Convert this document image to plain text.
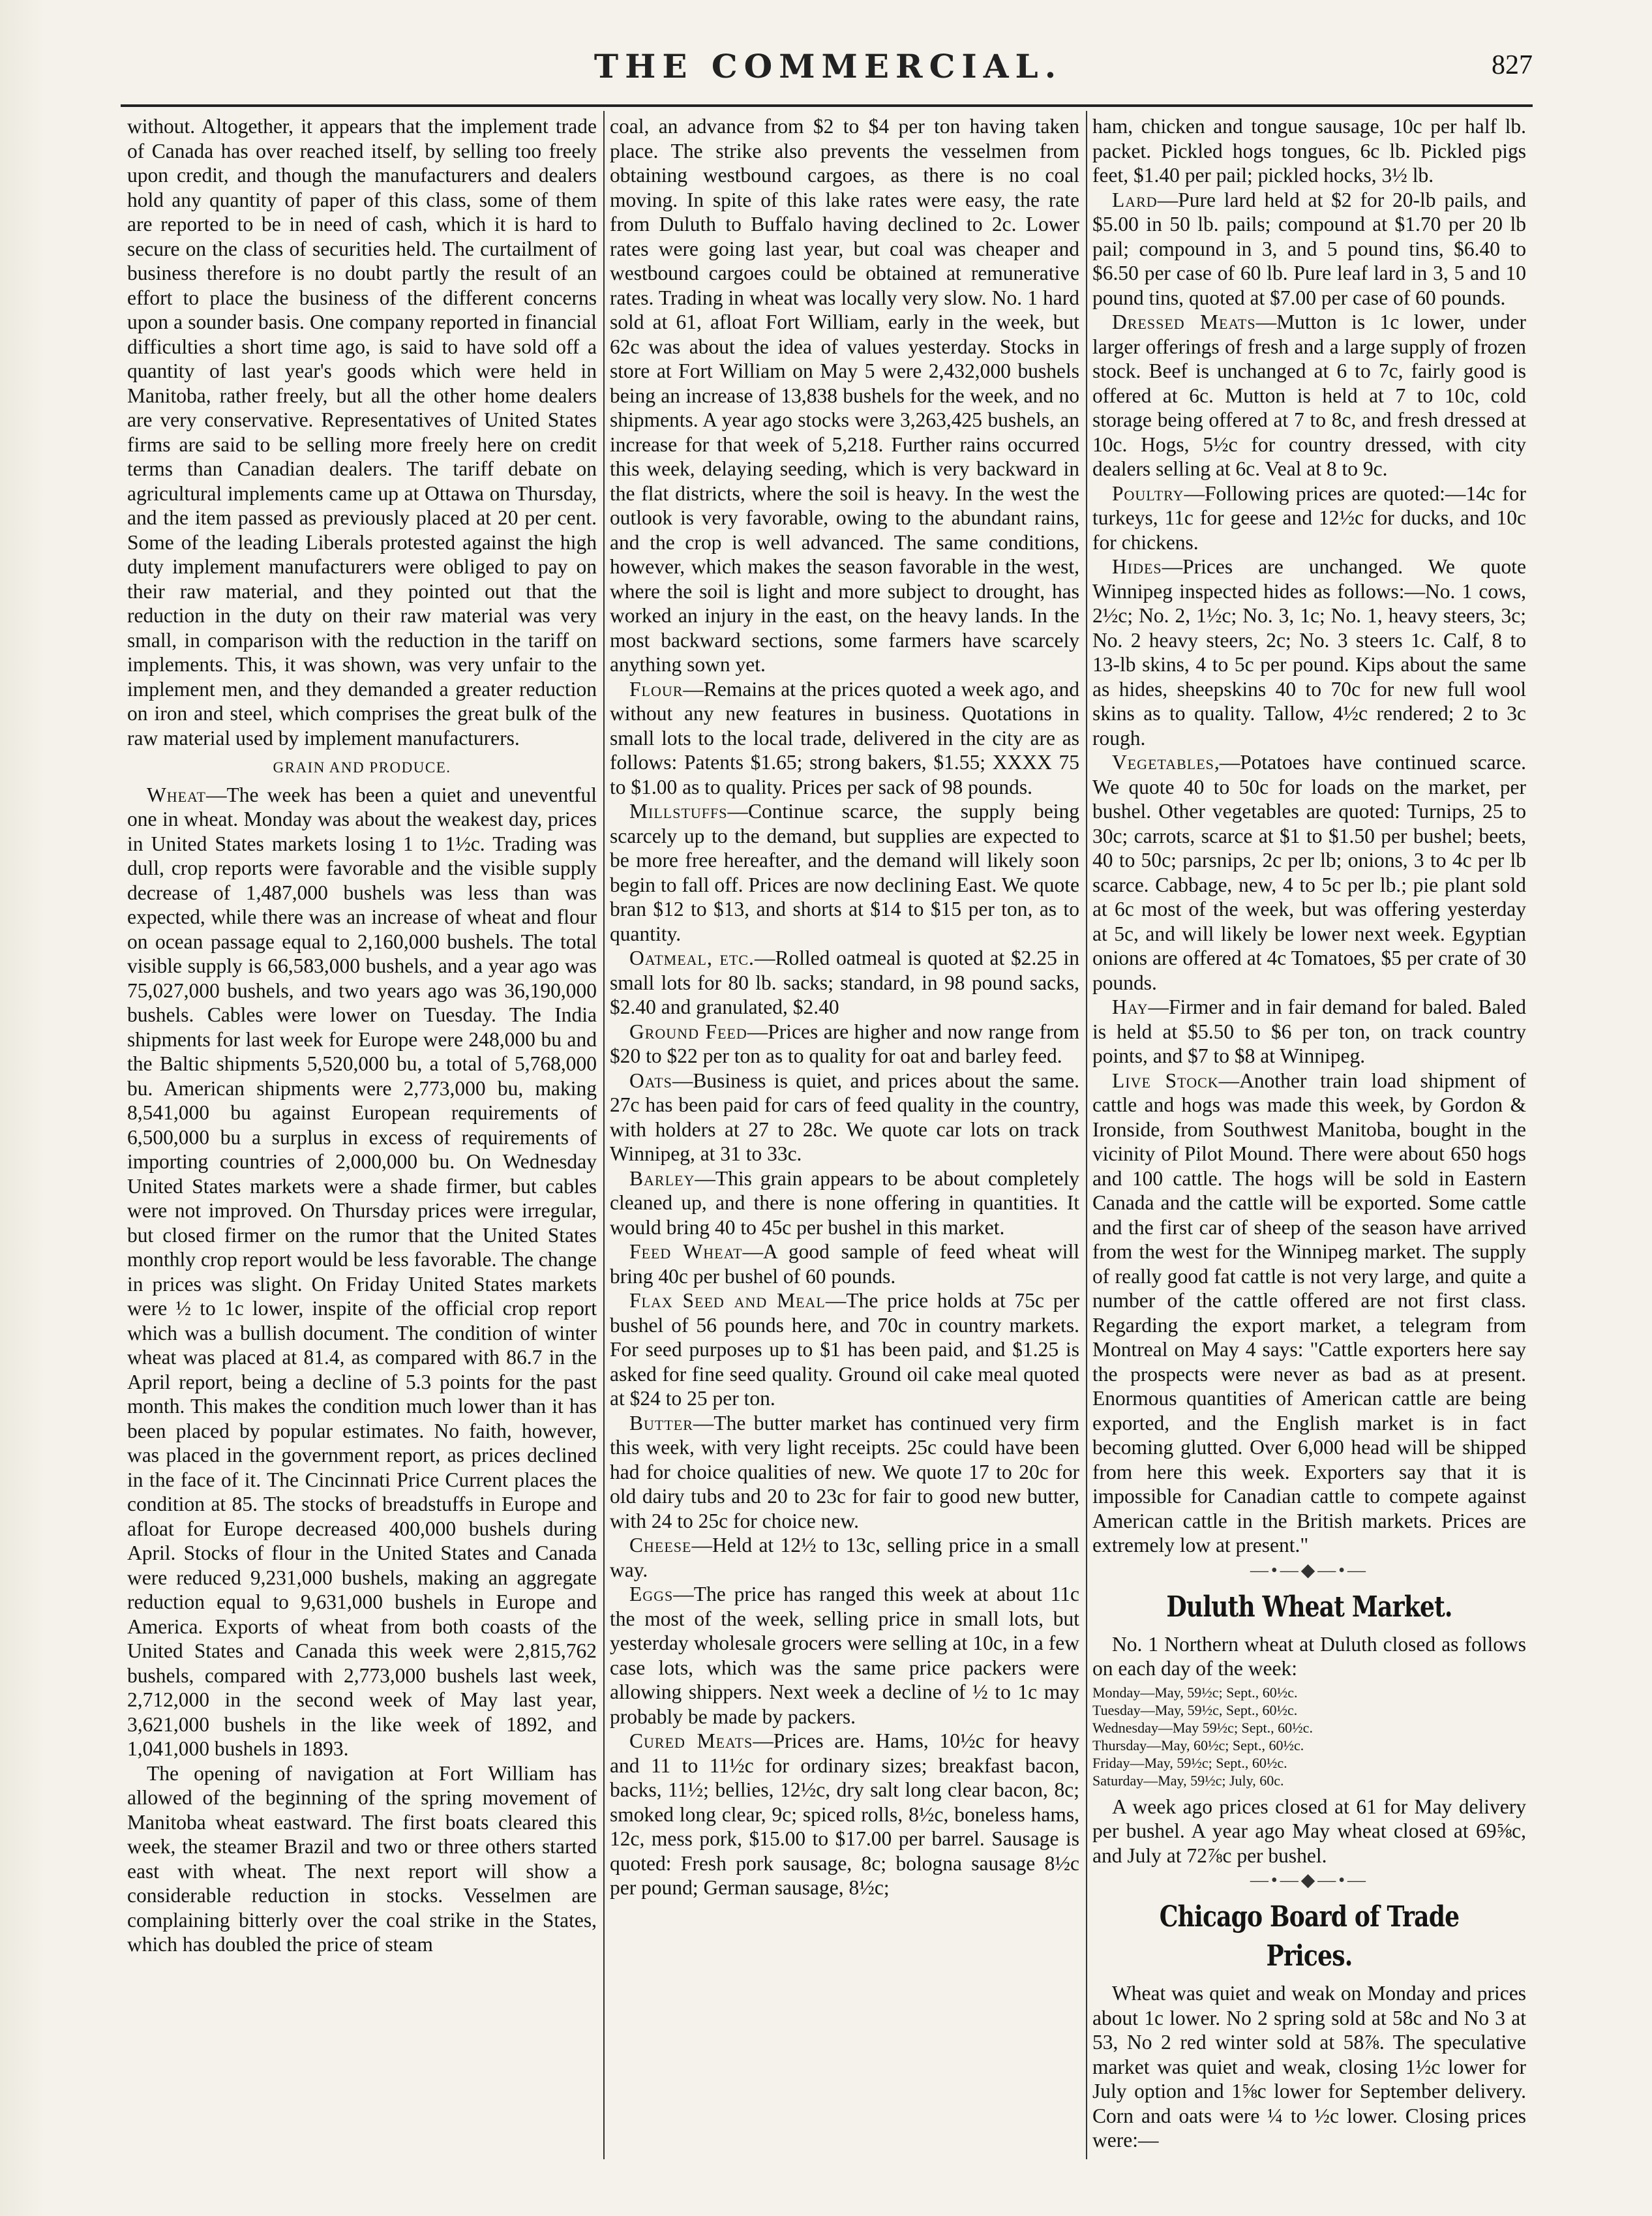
THE COMMERCIAL.	827

without. Altogether, it appears that the implement trade of Canada has over reached itself, by selling too freely upon credit, and though the manufacturers and dealers hold any quantity of paper of this class, some of them are reported to be in need of cash, which it is hard to secure on the class of securities held. The curtailment of business therefore is no doubt partly the result of an effort to place the business of the different concerns upon a sounder basis. One company reported in financial difficulties a short time ago, is said to have sold off a quantity of last year's goods which were held in Manitoba, rather freely, but all the other home dealers are very conservative. Representatives of United States firms are said to be selling more freely here on credit terms than Canadian dealers. The tariff debate on agricultural implements came up at Ottawa on Thursday, and the item passed as previously placed at 20 per cent. Some of the leading Liberals protested against the high duty implement manufacturers were obliged to pay on their raw material, and they pointed out that the reduction in the duty on their raw material was very small, in comparison with the reduction in the tariff on implements. This, it was shown, was very unfair to the implement men, and they demanded a greater reduction on iron and steel, which comprises the great bulk of the raw material used by implement manufacturers.

GRAIN AND PRODUCE.

Wheat—The week has been a quiet and uneventful one in wheat. Monday was about the weakest day, prices in United States markets losing 1 to 1½c. Trading was dull, crop reports were favorable and the visible supply decrease of 1,487,000 bushels was less than was expected, while there was an increase of wheat and flour on ocean passage equal to 2,160,000 bushels. The total visible supply is 66,583,000 bushels, and a year ago was 75,027,000 bushels, and two years ago was 36,190,000 bushels. Cables were lower on Tuesday. The India shipments for last week for Europe were 248,000 bu and the Baltic shipments 5,520,000 bu, a total of 5,768,000 bu. American shipments were 2,773,000 bu, making 8,541,000 bu against European requirements of 6,500,000 bu a surplus in excess of requirements of importing countries of 2,000,000 bu. On Wednesday United States markets were a shade firmer, but cables were not improved. On Thursday prices were irregular, but closed firmer on the rumor that the United States monthly crop report would be less favorable. The change in prices was slight. On Friday United States markets were ½ to 1c lower, inspite of the official crop report which was a bullish document. The condition of winter wheat was placed at 81.4, as compared with 86.7 in the April report, being a decline of 5.3 points for the past month. This makes the condition much lower than it has been placed by popular estimates. No faith, however, was placed in the government report, as prices declined in the face of it. The Cincinnati Price Current places the condition at 85. The stocks of breadstuffs in Europe and afloat for Europe decreased 400,000 bushels during April. Stocks of flour in the United States and Canada were reduced 9,231,000 bushels, making an aggregate reduction equal to 9,631,000 bushels in Europe and America. Exports of wheat from both coasts of the United States and Canada this week were 2,815,762 bushels, compared with 2,773,000 bushels last week, 2,712,000 in the second week of May last year, 3,621,000 bushels in the like week of 1892, and 1,041,000 bushels in 1893.

The opening of navigation at Fort William has allowed of the beginning of the spring movement of Manitoba wheat eastward. The first boats cleared this week, the steamer Brazil and two or three others started east with wheat. The next report will show a considerable reduction in stocks. Vesselmen are complaining bitterly over the coal strike in the States, which has doubled the price of steam

coal, an advance from $2 to $4 per ton having taken place. The strike also prevents the vesselmen from obtaining westbound cargoes, as there is no coal moving. In spite of this lake rates were easy, the rate from Duluth to Buffalo having declined to 2c. Lower rates were going last year, but coal was cheaper and westbound cargoes could be obtained at remunerative rates. Trading in wheat was locally very slow. No. 1 hard sold at 61, afloat Fort William, early in the week, but 62c was about the idea of values yesterday. Stocks in store at Fort William on May 5 were 2,432,000 bushels being an increase of 13,838 bushels for the week, and no shipments. A year ago stocks were 3,263,425 bushels, an increase for that week of 5,218. Further rains occurred this week, delaying seeding, which is very backward in the flat districts, where the soil is heavy. In the west the outlook is very favorable, owing to the abundant rains, and the crop is well advanced. The same conditions, however, which makes the season favorable in the west, where the soil is light and more subject to drought, has worked an injury in the east, on the heavy lands. In the most backward sections, some farmers have scarcely anything sown yet.

Flour—Remains at the prices quoted a week ago, and without any new features in business. Quotations in small lots to the local trade, delivered in the city are as follows: Patents $1.65; strong bakers, $1.55; XXXX 75 to $1.00 as to quality. Prices per sack of 98 pounds.

Millstuffs—Continue scarce, the supply being scarcely up to the demand, but supplies are expected to be more free hereafter, and the demand will likely soon begin to fall off. Prices are now declining East. We quote bran $12 to $13, and shorts at $14 to $15 per ton, as to quantity.

Oatmeal, etc.—Rolled oatmeal is quoted at $2.25 in small lots for 80 lb. sacks; standard, in 98 pound sacks, $2.40 and granulated, $2.40

Ground Feed—Prices are higher and now range from $20 to $22 per ton as to quality for oat and barley feed.

Oats—Business is quiet, and prices about the same. 27c has been paid for cars of feed quality in the country, with holders at 27 to 28c. We quote car lots on track Winnipeg, at 31 to 33c.

Barley—This grain appears to be about completely cleaned up, and there is none offering in quantities. It would bring 40 to 45c per bushel in this market.

Feed Wheat—A good sample of feed wheat will bring 40c per bushel of 60 pounds.

Flax Seed and Meal—The price holds at 75c per bushel of 56 pounds here, and 70c in country markets. For seed purposes up to $1 has been paid, and $1.25 is asked for fine seed quality. Ground oil cake meal quoted at $24 to 25 per ton.

Butter—The butter market has continued very firm this week, with very light receipts. 25c could have been had for choice qualities of new. We quote 17 to 20c for old dairy tubs and 20 to 23c for fair to good new butter, with 24 to 25c for choice new.

Cheese—Held at 12½ to 13c, selling price in a small way.

Eggs—The price has ranged this week at about 11c the most of the week, selling price in small lots, but yesterday wholesale grocers were selling at 10c, in a few case lots, which was the same price packers were allowing shippers. Next week a decline of ½ to 1c may probably be made by packers.

Cured Meats—Prices are. Hams, 10½c for heavy and 11 to 11½c for ordinary sizes; breakfast bacon, backs, 11½; bellies, 12½c, dry salt long clear bacon, 8c; smoked long clear, 9c; spiced rolls, 8½c, boneless hams, 12c, mess pork, $15.00 to $17.00 per barrel. Sausage is quoted: Fresh pork sausage, 8c; bologna sausage 8½c per pound; German sausage, 8½c;

ham, chicken and tongue sausage, 10c per half lb. packet. Pickled hogs tongues, 6c lb. Pickled pigs feet, $1.40 per pail; pickled hocks, 3½ lb.

Lard—Pure lard held at $2 for 20-lb pails, and $5.00 in 50 lb. pails; compound at $1.70 per 20 lb pail; compound in 3, and 5 pound tins, $6.40 to $6.50 per case of 60 lb. Pure leaf lard in 3, 5 and 10 pound tins, quoted at $7.00 per case of 60 pounds.

Dressed Meats—Mutton is 1c lower, under larger offerings of fresh and a large supply of frozen stock. Beef is unchanged at 6 to 7c, fairly good is offered at 6c. Mutton is held at 7 to 10c, cold storage being offered at 7 to 8c, and fresh dressed at 10c. Hogs, 5½c for country dressed, with city dealers selling at 6c. Veal at 8 to 9c.

Poultry—Following prices are quoted:—14c for turkeys, 11c for geese and 12½c for ducks, and 10c for chickens.

Hides—Prices are unchanged. We quote Winnipeg inspected hides as follows:—No. 1 cows, 2½c; No. 2, 1½c; No. 3, 1c; No. 1, heavy steers, 3c; No. 2 heavy steers, 2c; No. 3 steers 1c. Calf, 8 to 13-lb skins, 4 to 5c per pound. Kips about the same as hides, sheepskins 40 to 70c for new full wool skins as to quality. Tallow, 4½c rendered; 2 to 3c rough.

Vegetables,—Potatoes have continued scarce. We quote 40 to 50c for loads on the market, per bushel. Other vegetables are quoted: Turnips, 25 to 30c; carrots, scarce at $1 to $1.50 per bushel; beets, 40 to 50c; parsnips, 2c per lb; onions, 3 to 4c per lb scarce. Cabbage, new, 4 to 5c per lb.; pie plant sold at 6c most of the week, but was offering yesterday at 5c, and will likely be lower next week. Egyptian onions are offered at 4c Tomatoes, $5 per crate of 30 pounds.

Hay—Firmer and in fair demand for baled. Baled is held at $5.50 to $6 per ton, on track country points, and $7 to $8 at Winnipeg.

Live Stock—Another train load shipment of cattle and hogs was made this week, by Gordon & Ironside, from Southwest Manitoba, bought in the vicinity of Pilot Mound. There were about 650 hogs and 100 cattle. The hogs will be sold in Eastern Canada and the cattle will be exported. Some cattle and the first car of sheep of the season have arrived from the west for the Winnipeg market. The supply of really good fat cattle is not very large, and quite a number of the cattle offered are not first class. Regarding the export market, a telegram from Montreal on May 4 says: "Cattle exporters here say the prospects were never as bad as at present. Enormous quantities of American cattle are being exported, and the English market is in fact becoming glutted. Over 6,000 head will be shipped from here this week. Exporters say that it is impossible for Canadian cattle to compete against American cattle in the British markets. Prices are extremely low at present."

—•—◆—•—
Duluth Wheat Market.

No. 1 Northern wheat at Duluth closed as follows on each day of the week:

Monday—May, 59½c; Sept., 60½c.

Tuesday—May, 59½c, Sept., 60½c.

Wednesday—May 59½c; Sept., 60½c.

Thursday—May, 60½c; Sept., 60½c.

Friday—May, 59½c; Sept., 60½c.

Saturday—May, 59½c; July, 60c.

A week ago prices closed at 61 for May delivery per bushel. A year ago May wheat closed at 69⅝c, and July at 72⅞c per bushel.

—•—◆—•—
Chicago Board of Trade Prices.

Wheat was quiet and weak on Monday and prices about 1c lower. No 2 spring sold at 58c and No 3 at 53, No 2 red winter sold at 58⅞. The speculative market was quiet and weak, closing 1½c lower for July option and 1⅝c lower for September delivery. Corn and oats were ¼ to ½c lower. Closing prices were:—
